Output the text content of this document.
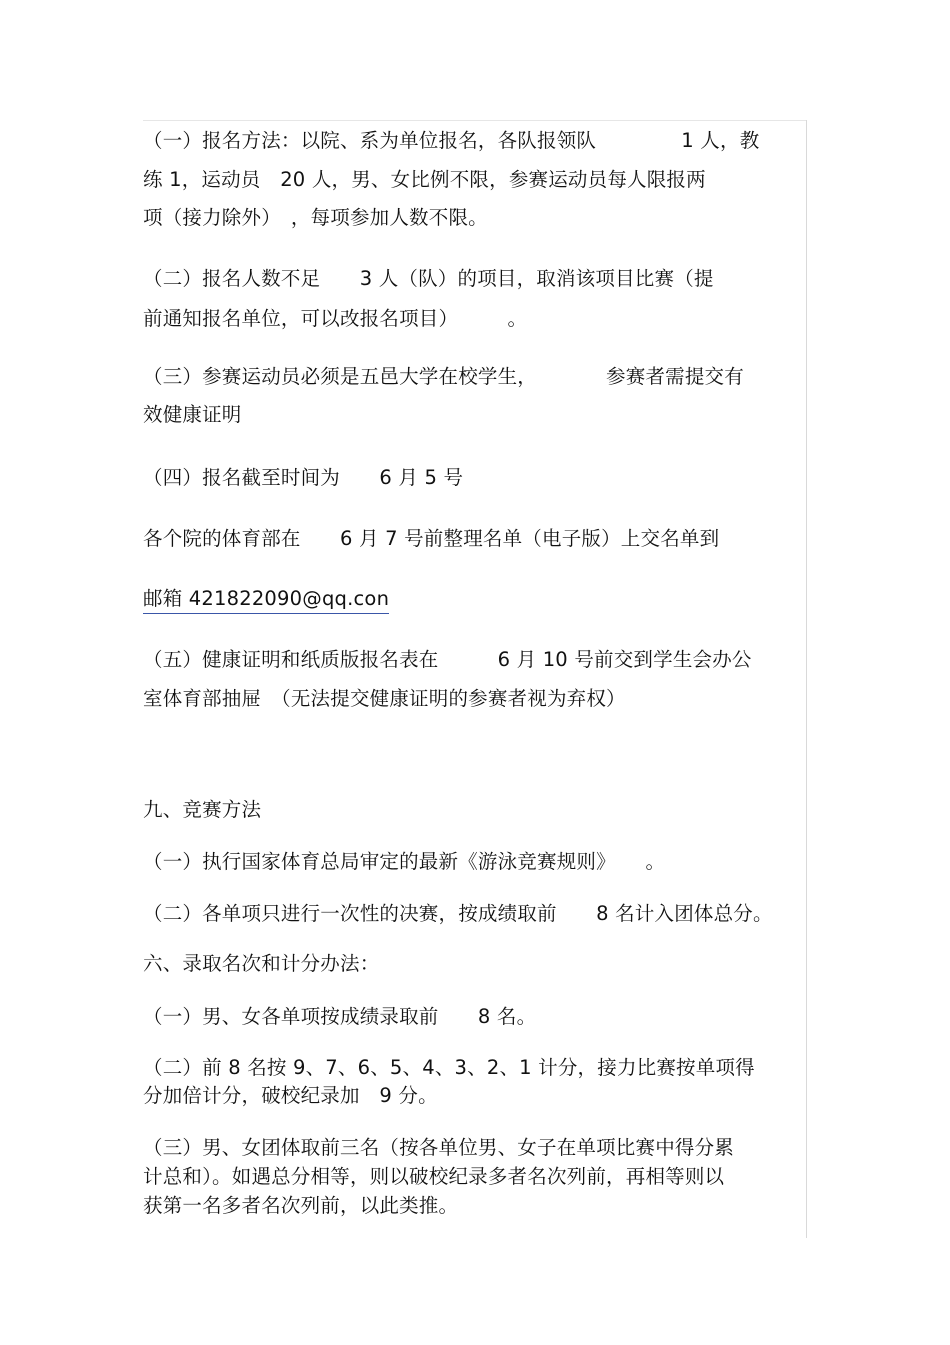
（一）报名方法：以院、系为单位报名，各队报领队　　　　 1 人，教
练 1，运动员　20 人，男、女比例不限，参赛运动员每人限报两
项（接力除外）　，每项参加人数不限。
（二）报名人数不足　　3 人（队）的项目，取消该项目比赛（提
前通知报名单位，可以改报名项目）　　　。
（三）参赛运动员必须是五邑大学在校学生，　　　　参赛者需提交有
效健康证明
（四）报名截至时间为　　6 月 5 号
各个院的体育部在　　6 月 7 号前整理名单（电子版）上交名单到
邮箱 421822090@qq.con
（五）健康证明和纸质版报名表在　　　6 月 10 号前交到学生会办公
室体育部抽屉　（无法提交健康证明的参赛者视为弃权）
九、竞赛方法
（一）执行国家体育总局审定的最新《游泳竞赛规则》　　。
（二）各单项只进行一次性的决赛，按成绩取前　　8 名计入团体总分。
六、录取名次和计分办法：
（一）男、女各单项按成绩录取前　　8 名。
（二）前 8 名按 9、7、6、5、4、3、2、1 计分，接力比赛按单项得
分加倍计分，破校纪录加　9 分。
（三）男、女团体取前三名（按各单位男、女子在单项比赛中得分累
计总和）。如遇总分相等，则以破校纪录多者名次列前，再相等则以
获第一名多者名次列前，以此类推。
